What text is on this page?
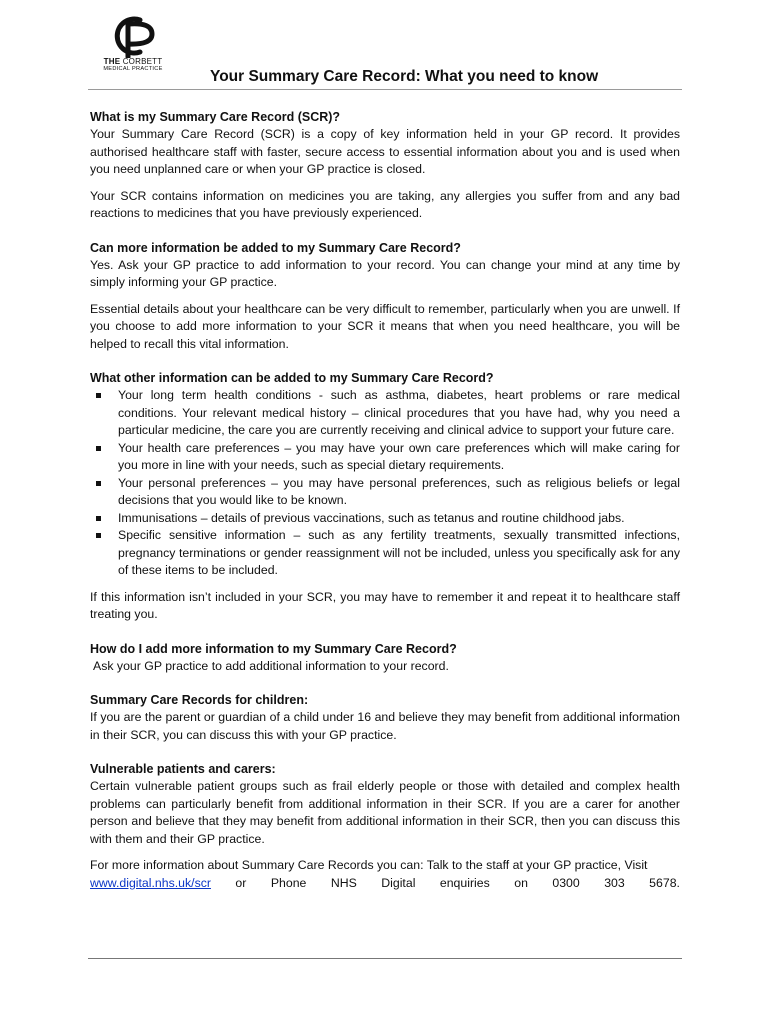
THE CORBETT
MEDICAL PRACTICE	Your Summary Care Record: What you need to know
What is my Summary Care Record (SCR)?

Your Summary Care Record (SCR) is a copy of key information held in your GP record. It provides authorised healthcare staff with faster, secure access to essential information about you and is used when you need unplanned care or when your GP practice is closed.

Your SCR contains information on medicines you are taking, any allergies you suffer from and any bad reactions to medicines that you have previously experienced.

Can more information be added to my Summary Care Record?

Yes. Ask your GP practice to add information to your record. You can change your mind at any time by simply informing your GP practice.

Essential details about your healthcare can be very difficult to remember, particularly when you are unwell. If you choose to add more information to your SCR it means that when you need healthcare, you will be helped to recall this vital information.

What other information can be added to my Summary Care Record?
Your long term health conditions - such as asthma, diabetes, heart problems or rare medical conditions. Your relevant medical history – clinical procedures that you have had, why you need a particular medicine, the care you are currently receiving and clinical advice to support your future care.
Your health care preferences – you may have your own care preferences which will make caring for you more in line with your needs, such as special dietary requirements.
Your personal preferences – you may have personal preferences, such as religious beliefs or legal decisions that you would like to be known.
Immunisations – details of previous vaccinations, such as tetanus and routine childhood jabs.
Specific sensitive information – such as any fertility treatments, sexually transmitted infections, pregnancy terminations or gender reassignment will not be included, unless you specifically ask for any of these items to be included.

If this information isn’t included in your SCR, you may have to remember it and repeat it to healthcare staff treating you.

How do I add more information to my Summary Care Record?

Ask your GP practice to add additional information to your record.

Summary Care Records for children:

If you are the parent or guardian of a child under 16 and believe they may benefit from additional information in their SCR, you can discuss this with your GP practice.

Vulnerable patients and carers:

Certain vulnerable patient groups such as frail elderly people or those with detailed and complex health problems can particularly benefit from additional information in their SCR. If you are a carer for another person and believe that they may benefit from additional information in their SCR, then you can discuss this with them and their GP practice.

For more information about Summary Care Records you can: Talk to the staff at your GP practice, Visit

www.digital.nhs.uk/scr or Phone NHS Digital enquiries on 0300 303 5678.
